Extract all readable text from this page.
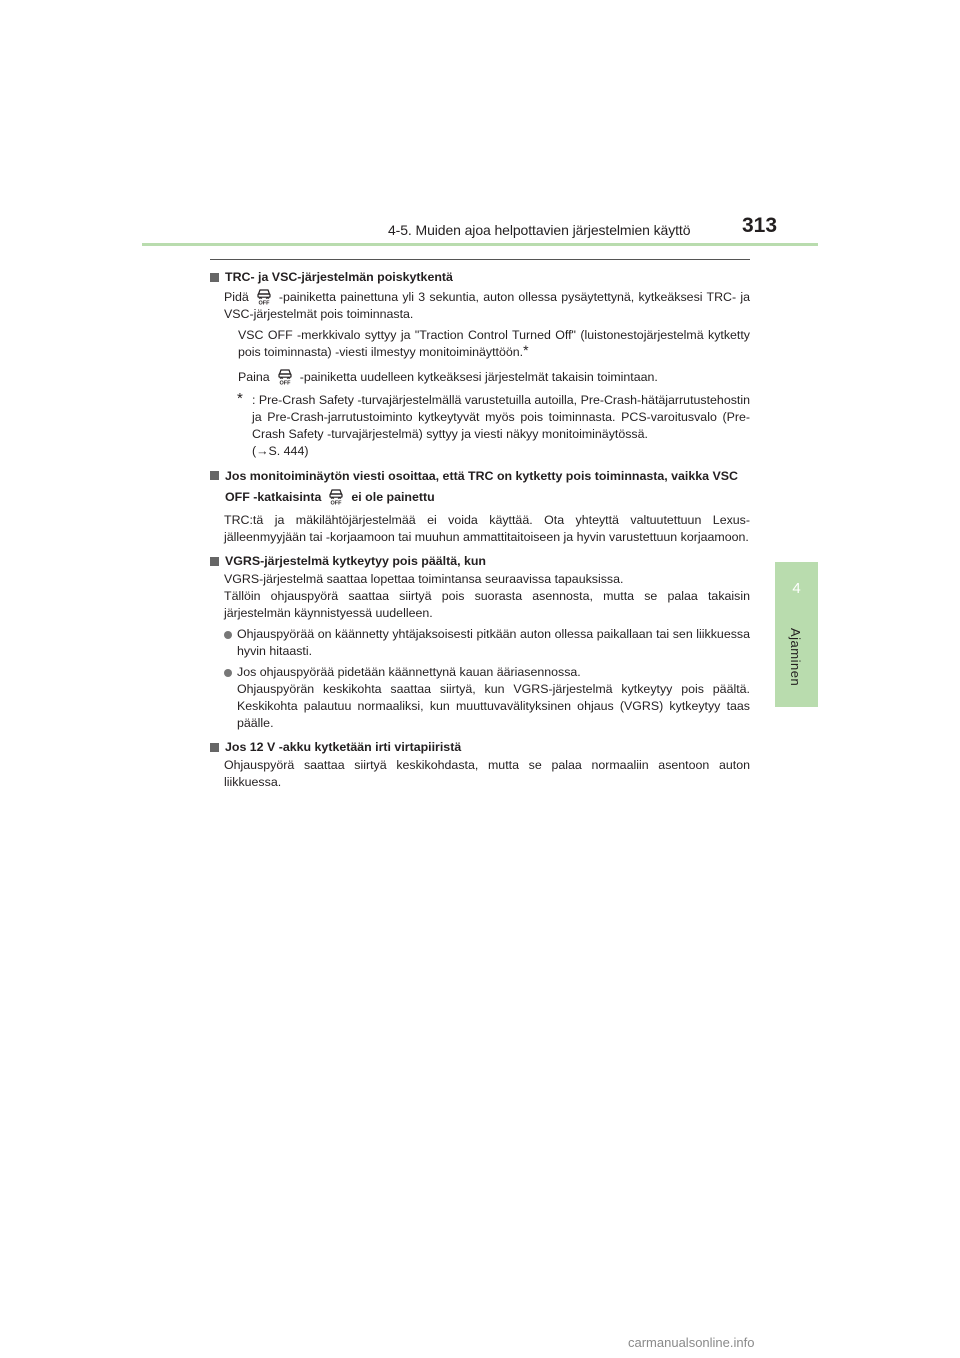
4-5. Muiden ajoa helpottavien järjestelmien käyttö 313
4
Ajaminen
TRC- ja VSC-järjestelmän poiskytkentä
Pidä OFF -painiketta painettuna yli 3 sekuntia, auton ollessa pysäytettynä, kytkeäksesi TRC- ja VSC-järjestelmät pois toiminnasta.
VSC OFF -merkkivalo syttyy ja "Traction Control Turned Off" (luistonestojärjestelmä kytketty pois toiminnasta) -viesti ilmestyy monitoiminäyttöön.*
Paina OFF -painiketta uudelleen kytkeäksesi järjestelmät takaisin toimintaan.
* : Pre-Crash Safety -turvajärjestelmällä varustetuilla autoilla, Pre-Crash-hätäjarrutustehostin ja Pre-Crash-jarrutustoiminto kytkeytyvät myös pois toiminnasta. PCS-varoitusvalo (Pre-Crash Safety -turvajärjestelmä) syttyy ja viesti näkyy monitoiminäytössä.
(→S. 444)
Jos monitoiminäytön viesti osoittaa, että TRC on kytketty pois toiminnasta, vaikka VSC OFF -katkaisinta OFF ei ole painettu
TRC:tä ja mäkilähtöjärjestelmää ei voida käyttää. Ota yhteyttä valtuutettuun Lexus-jälleenmyyjään tai -korjaamoon tai muuhun ammattitaitoiseen ja hyvin varustettuun korjaamoon.
VGRS-järjestelmä kytkeytyy pois päältä, kun
VGRS-järjestelmä saattaa lopettaa toimintansa seuraavissa tapauksissa.
Tällöin ohjauspyörä saattaa siirtyä pois suorasta asennosta, mutta se palaa takaisin järjestelmän käynnistyessä uudelleen.
Ohjauspyörää on käännetty yhtäjaksoisesti pitkään auton ollessa paikallaan tai sen liikkuessa hyvin hitaasti.
Jos ohjauspyörää pidetään käännettynä kauan ääriasennossa.
Ohjauspyörän keskikohta saattaa siirtyä, kun VGRS-järjestelmä kytkeytyy pois päältä. Keskikohta palautuu normaaliksi, kun muuttuvavälityksinen ohjaus (VGRS) kytkeytyy taas päälle.
Jos 12 V -akku kytketään irti virtapiiristä
Ohjauspyörä saattaa siirtyä keskikohdasta, mutta se palaa normaaliin asentoon auton liikkuessa.
carmanualsonline.info
